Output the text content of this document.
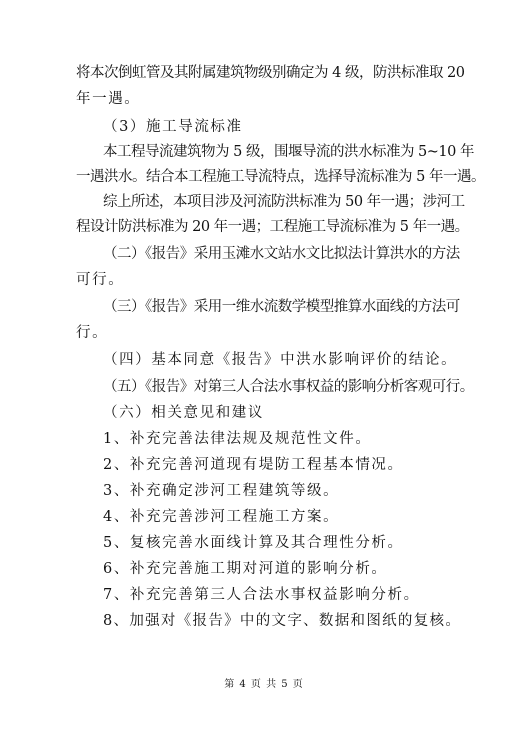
将本次倒虹管及其附属建筑物级别确定为 4 级，防洪标准取 20
年一遇。
（3）施工导流标准
本工程导流建筑物为 5 级，围堰导流的洪水标准为 5~10 年
一遇洪水。结合本工程施工导流特点，选择导流标准为 5 年一遇。
综上所述，本项目涉及河流防洪标准为 50 年一遇；涉河工
程设计防洪标准为 20 年一遇；工程施工导流标准为 5 年一遇。
（二）《报告》采用玉滩水文站水文比拟法计算洪水的方法
可行。
（三）《报告》采用一维水流数学模型推算水面线的方法可
行。
（四）基本同意《报告》中洪水影响评价的结论。
（五）《报告》对第三人合法水事权益的影响分析客观可行。
（六）相关意见和建议
1、补充完善法律法规及规范性文件。
2、补充完善河道现有堤防工程基本情况。
3、补充确定涉河工程建筑等级。
4、补充完善涉河工程施工方案。
5、复核完善水面线计算及其合理性分析。
6、补充完善施工期对河道的影响分析。
7、补充完善第三人合法水事权益影响分析。
8、加强对《报告》中的文字、数据和图纸的复核。
第 4 页 共 5 页
